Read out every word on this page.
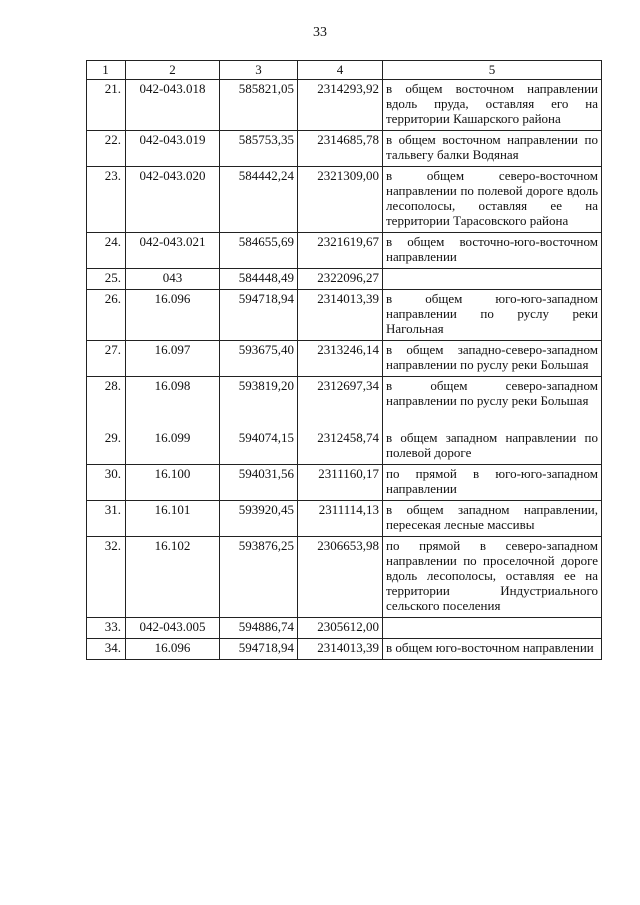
33
1	2	3	4	5
21.	042-043.018	585821,05	2314293,92	в общем восточном направлении вдоль пруда, оставляя его на территории Кашарского района
22.	042-043.019	585753,35	2314685,78	в общем восточном направлении по тальвегу балки Водяная
23.	042-043.020	584442,24	2321309,00	в общем северо-восточном направлении по полевой дороге вдоль лесополосы, оставляя ее на территории Тарасовского района
24.	042-043.021	584655,69	2321619,67	в общем восточно-юго-восточном направлении
25.	043	584448,49	2322096,27	
26.	16.096	594718,94	2314013,39	в общем юго-юго-западном направлении по руслу реки Нагольная
27.	16.097	593675,40	2313246,14	в общем западно-северо-западном направлении по руслу реки Большая
28.	16.098	593819,20	2312697,34	в общем северо-западном направлении по руслу реки Большая
29.	16.099	594074,15	2312458,74	в общем западном направлении по полевой дороге
30.	16.100	594031,56	2311160,17	по прямой в юго-юго-западном направлении
31.	16.101	593920,45	2311114,13	в общем западном направлении, пересекая лесные массивы
32.	16.102	593876,25	2306653,98	по прямой в северо-западном направлении по проселочной дороге вдоль лесополосы, оставляя ее на территории Индустриального сельского поселения
33.	042-043.005	594886,74	2305612,00	
34.	16.096	594718,94	2314013,39	в общем юго-восточном направлении
